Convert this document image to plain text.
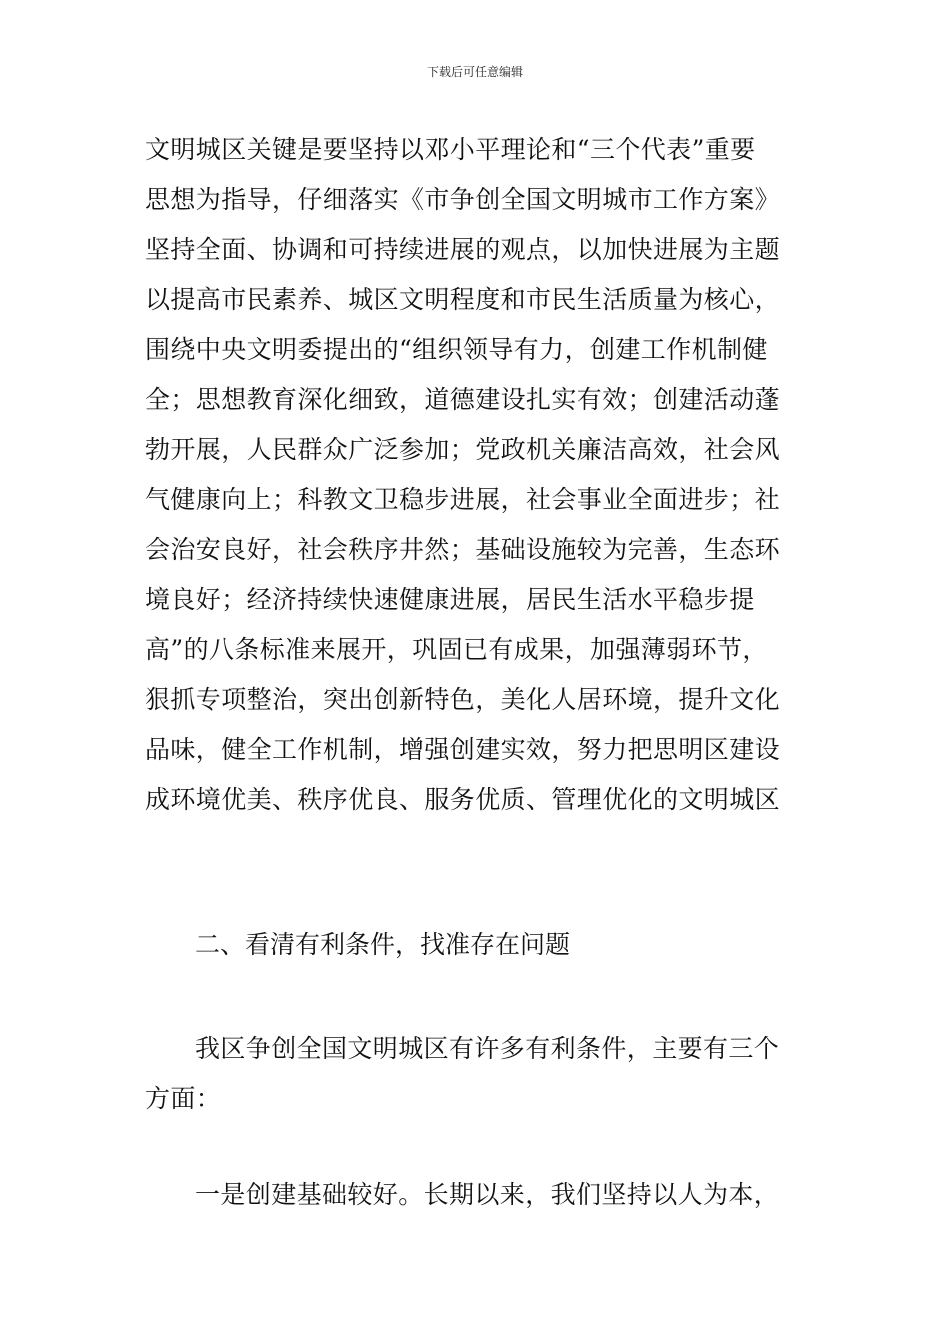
下载后可任意编辑
文明城区关键是要坚持以邓小平理论和“三个代表”重要
思想为指导，仔细落实《市争创全国文明城市工作方案》
坚持全面、协调和可持续进展的观点，以加快进展为主题
以提高市民素养、城区文明程度和市民生活质量为核心，
围绕中央文明委提出的“组织领导有力，创建工作机制健
全；思想教育深化细致，道德建设扎实有效；创建活动蓬
勃开展，人民群众广泛参加；党政机关廉洁高效，社会风
气健康向上；科教文卫稳步进展，社会事业全面进步；社
会治安良好，社会秩序井然；基础设施较为完善，生态环
境良好；经济持续快速健康进展，居民生活水平稳步提
高”的八条标准来展开，巩固已有成果，加强薄弱环节，
狠抓专项整治，突出创新特色，美化人居环境，提升文化
品味，健全工作机制，增强创建实效，努力把思明区建设
成环境优美、秩序优良、服务优质、管理优化的文明城区
二、看清有利条件，找准存在问题
我区争创全国文明城区有许多有利条件，主要有三个
方面：
一是创建基础较好。长期以来，我们坚持以人为本，
